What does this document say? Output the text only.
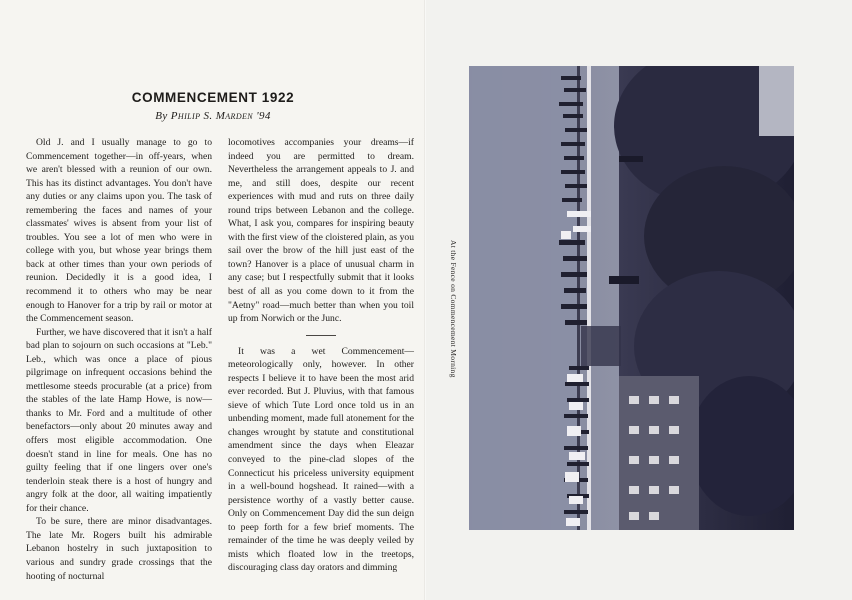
COMMENCEMENT 1922
By Philip S. Marden '94

Old J. and I usually manage to go to Commencement together—in off-years, when we aren't blessed with a reunion of our own. This has its distinct advantages. You don't have any duties or any claims upon you. The task of remembering the faces and names of your classmates' wives is absent from your list of troubles. You see a lot of men who were in college with you, but whose year brings them back at other times than your own periods of reunion. Decidedly it is a good idea, I recommend it to others who may be near enough to Hanover for a trip by rail or motor at the Commencement season.

Further, we have discovered that it isn't a half bad plan to sojourn on such occasions at "Leb." Leb., which was once a place of pious pilgrimage on infrequent occasions behind the mettlesome steeds procurable (at a price) from the stables of the late Hamp Howe, is now—thanks to Mr. Ford and a multitude of other benefactors—only about 20 minutes away and offers most eligible accommodation. One doesn't stand in line for meals. One has no guilty feeling that if one lingers over one's tenderloin steak there is a host of hungry and angry folk at the door, all waiting impatiently for their chance.

To be sure, there are minor disadvantages. The late Mr. Rogers built his admirable Lebanon hostelry in such juxtaposition to various and sundry grade crossings that the hooting of nocturnal

locomotives accompanies your dreams—if indeed you are permitted to dream. Nevertheless the arrangement appeals to J. and me, and still does, despite our recent experiences with mud and ruts on three daily round trips between Lebanon and the college. What, I ask you, compares for inspiring beauty with the first view of the cloistered plain, as you sail over the brow of the hill just east of the town? Hanover is a place of unusual charm in any case; but I respectfully submit that it looks best of all as you come down to it from the "Aetny" road—much better than when you toil up from Norwich or the Junc.

It was a wet Commencement—meteorologically only, however. In other respects I believe it to have been the most arid ever recorded. But J. Pluvius, with that famous sieve of which Tute Lord once told us in an unbending moment, made full atonement for the changes wrought by statute and constitutional amendment since the days when Eleazar conveyed to the pine-clad slopes of the Connecticut his priceless university equipment in a well-bound hogshead. It rained—with a persistence worthy of a vastly better cause. Only on Commencement Day did the sun deign to peep forth for a few brief moments. The remainder of the time he was deeply veiled by mists which floated low in the treetops, discouraging class day orators and dimming

At the Fence on Commencement Morning
